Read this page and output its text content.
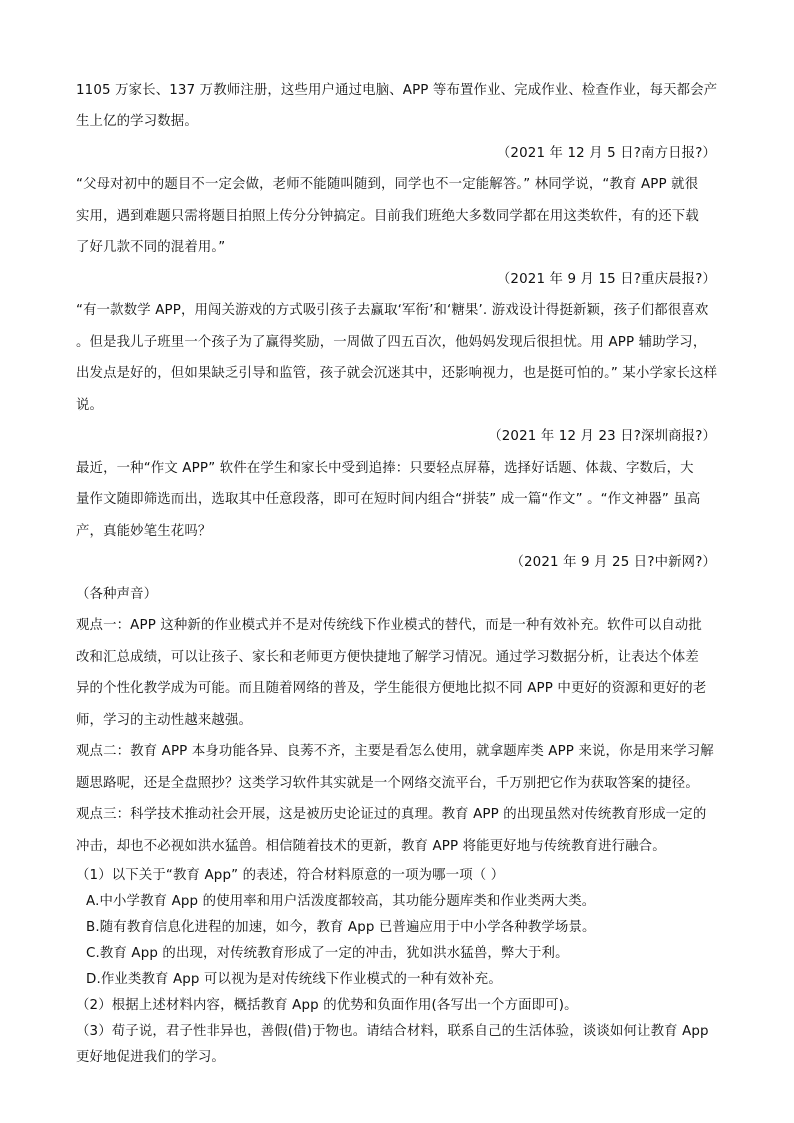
1105 万家长、137 万教师注册，这些用户通过电脑、APP 等布置作业、完成作业、检查作业，每天都会产
生上亿的学习数据。
（2021 年 12 月 5 日?南方日报?）
“父母对初中的题目不一定会做，老师不能随叫随到，同学也不一定能解答。” 林同学说，“教育 APP 就很
实用，遇到难题只需将题目拍照上传分分钟搞定。目前我们班绝大多数同学都在用这类软件，有的还下载
了好几款不同的混着用。”
（2021 年 9 月 15 日?重庆晨报?）
“有一款数学 APP，用闯关游戏的方式吸引孩子去赢取‘军衔’和‘糖果’. 游戏设计得挺新颖，孩子们都很喜欢
。但是我儿子班里一个孩子为了赢得奖励，一周做了四五百次，他妈妈发现后很担忧。用 APP 辅助学习，
出发点是好的，但如果缺乏引导和监管，孩子就会沉迷其中，还影响视力，也是挺可怕的。” 某小学家长这样
说。
（2021 年 12 月 23 日?深圳商报?）
最近，一种“作文 APP” 软件在学生和家长中受到追捧：只要轻点屏幕，选择好话题、体裁、字数后，大
量作文随即筛选而出，选取其中任意段落，即可在短时间内组合“拼装” 成一篇“作文” 。“作文神器” 虽高
产，真能妙笔生花吗？
（2021 年 9 月 25 日?中新网?）
（各种声音）
观点一：APP 这种新的作业模式并不是对传统线下作业模式的替代，而是一种有效补充。软件可以自动批
改和汇总成绩，可以让孩子、家长和老师更方便快捷地了解学习情况。通过学习数据分析，让表达个体差
异的个性化教学成为可能。而且随着网络的普及，学生能很方便地比拟不同 APP 中更好的资源和更好的老
师，学习的主动性越来越强。
观点二：教育 APP 本身功能各异、良莠不齐，主要是看怎么使用，就拿题库类 APP 来说，你是用来学习解
题思路呢，还是全盘照抄？这类学习软件其实就是一个网络交流平台，千万别把它作为获取答案的捷径。
观点三：科学技术推动社会开展，这是被历史论证过的真理。教育 APP 的出现虽然对传统教育形成一定的
冲击，却也不必视如洪水猛兽。相信随着技术的更新，教育 APP 将能更好地与传统教育进行融合。
（1）以下关于“教育 App” 的表述，符合材料原意的一项为哪一项（ ）
A.中小学教育 App 的使用率和用户活泼度都较高，其功能分题库类和作业类两大类。
B.随有教育信息化进程的加速，如今，教育 App 已普遍应用于中小学各种教学场景。
C.教育 App 的出现，对传统教育形成了一定的冲击，犹如洪水猛兽，弊大于利。
D.作业类教育 App 可以视为是对传统线下作业模式的一种有效补充。
（2）根据上述材料内容，概括教育 App 的优势和负面作用(各写出一个方面即可)。
（3）荀子说，君子性非异也，善假(借)于物也。请结合材料，联系自己的生活体验，谈谈如何让教育 App
更好地促进我们的学习。
